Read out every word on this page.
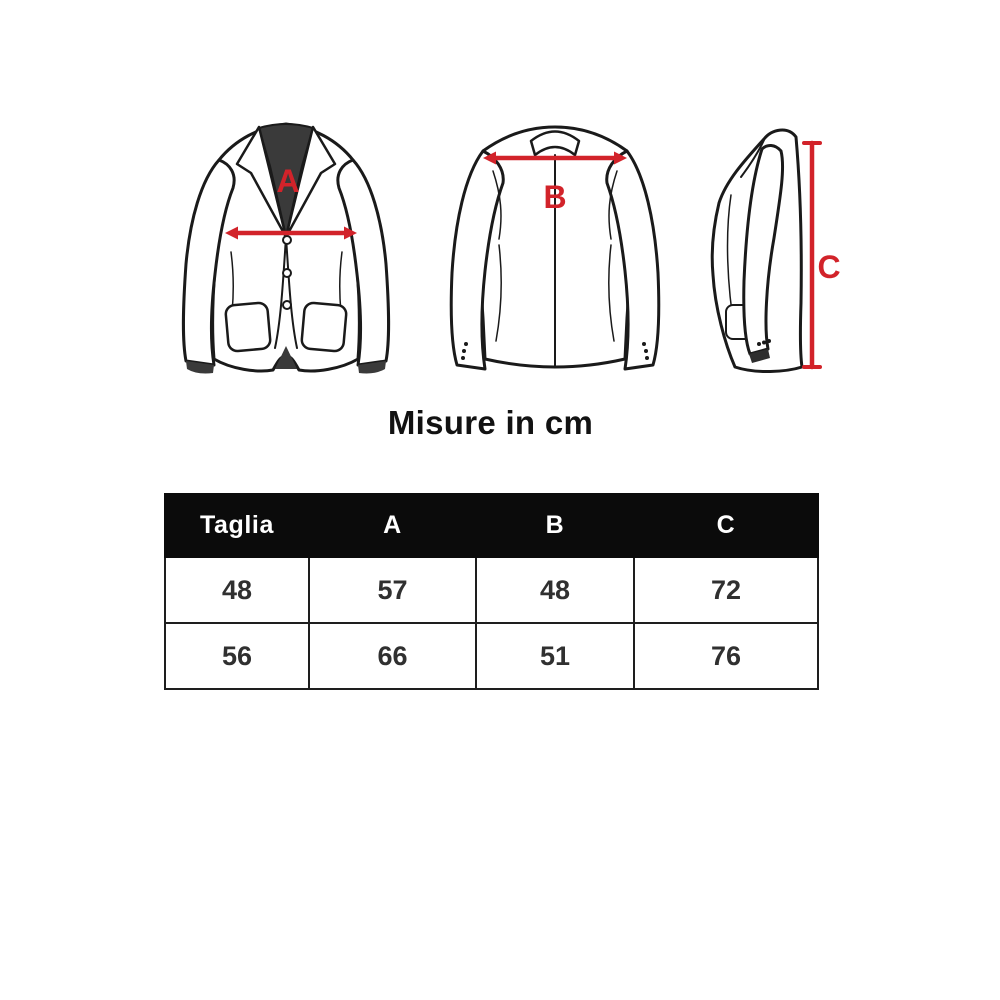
A	B
C
Misure in cm
Taglia	A	B	C
48	57	48	72
56	66	51	76
